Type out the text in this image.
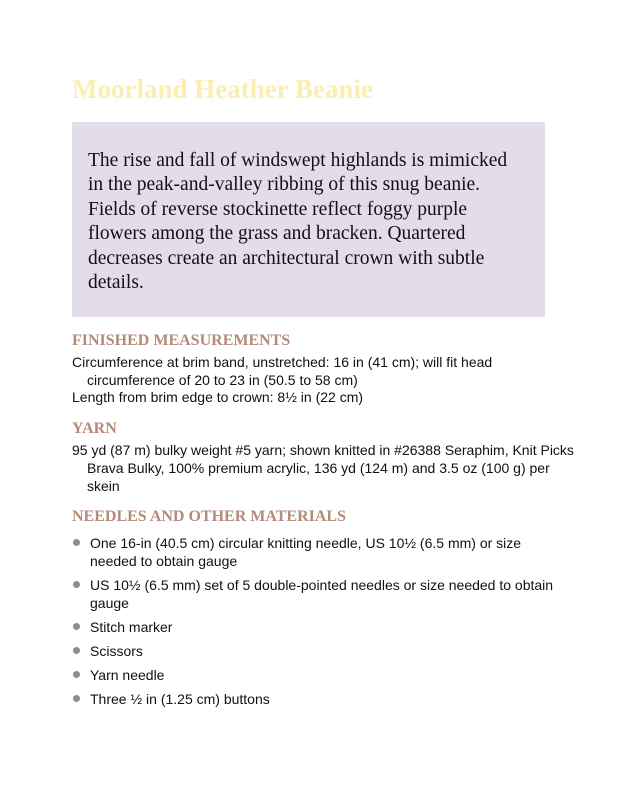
Moorland Heather Beanie

The rise and fall of windswept highlands is mimicked in the peak-and-valley ribbing of this snug beanie. Fields of reverse stockinette reflect foggy purple flowers among the grass and bracken. Quartered decreases create an architectural crown with subtle details.

FINISHED MEASUREMENTS

Circumference at brim band, unstretched: 16 in (41 cm); will fit head circumference of 20 to 23 in (50.5 to 58 cm)

Length from brim edge to crown: 8½ in (22 cm)

YARN

95 yd (87 m) bulky weight #5 yarn; shown knitted in #26388 Seraphim, Knit Picks Brava Bulky, 100% premium acrylic, 136 yd (124 m) and 3.5 oz (100 g) per skein

NEEDLES AND OTHER MATERIALS
One 16-in (40.5 cm) circular knitting needle, US 10½ (6.5 mm) or size needed to obtain gauge
US 10½ (6.5 mm) set of 5 double-pointed needles or size needed to obtain gauge
Stitch marker
Scissors
Yarn needle
Three ½ in (1.25 cm) buttons
